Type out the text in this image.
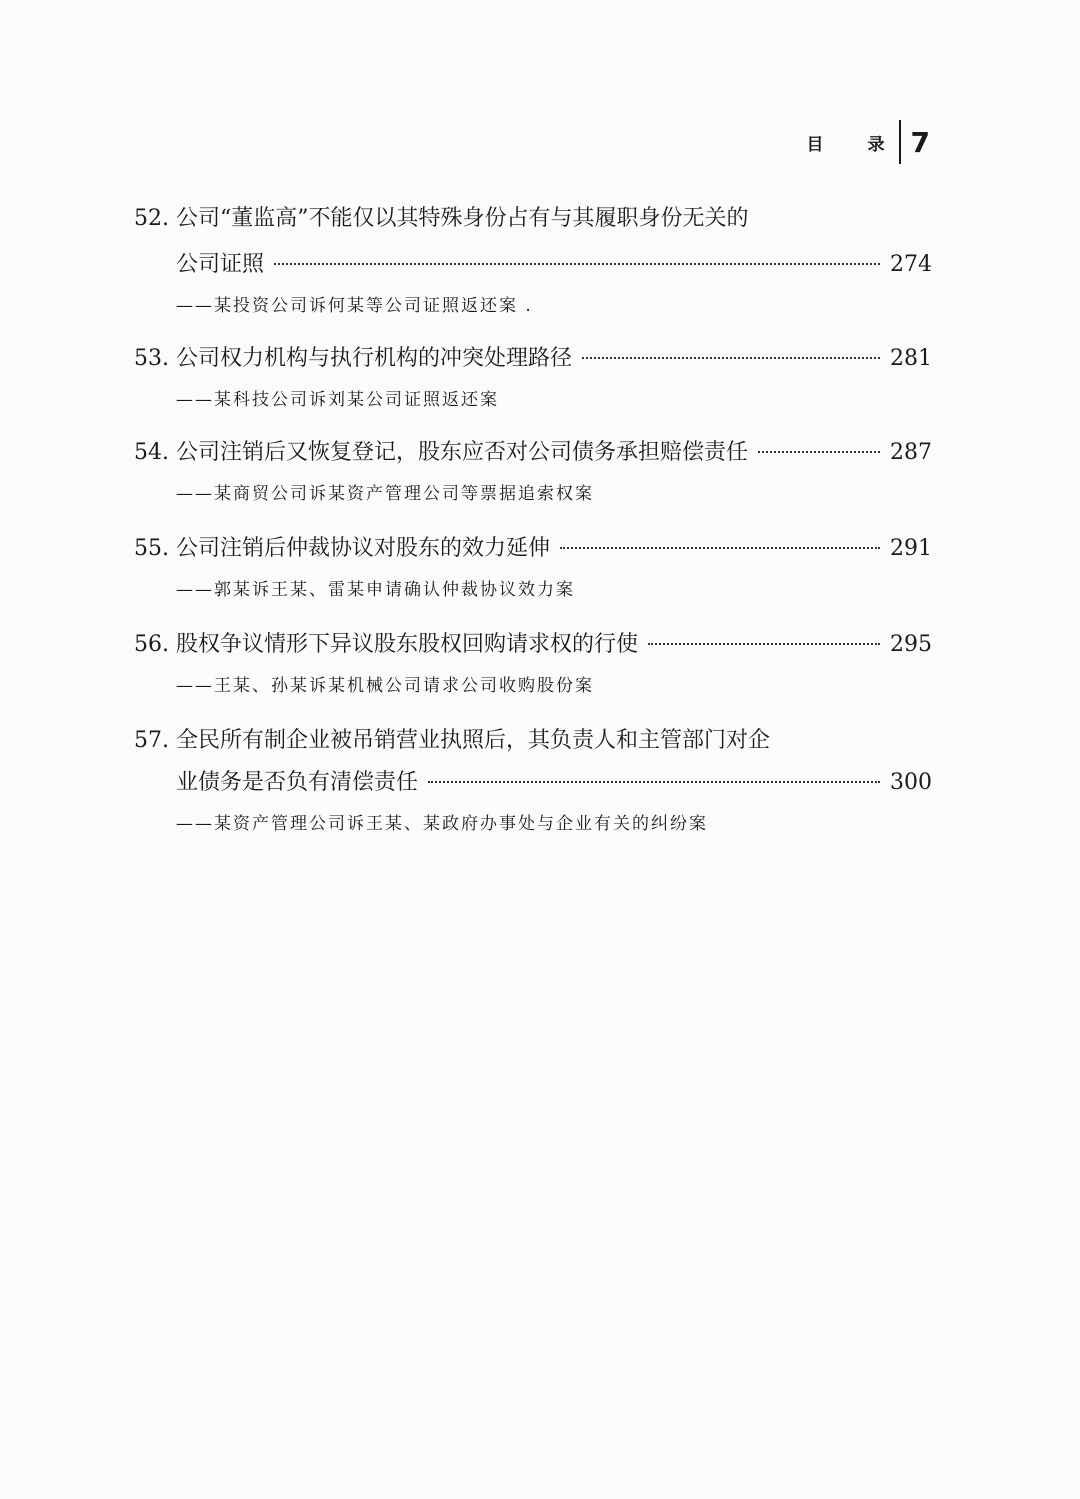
目	录 7
52. 公司“董监高”不能仅以其特殊身份占有与其履职身份无关的
公司证照	274
——某投资公司诉何某等公司证照返还案 .
53. 公司权力机构与执行机构的冲突处理路径	281
——某科技公司诉刘某公司证照返还案
54. 公司注销后又恢复登记，股东应否对公司债务承担赔偿责任	287
——某商贸公司诉某资产管理公司等票据追索权案
55. 公司注销后仲裁协议对股东的效力延伸	291
——郭某诉王某、雷某申请确认仲裁协议效力案
56. 股权争议情形下异议股东股权回购请求权的行使	295
——王某、孙某诉某机械公司请求公司收购股份案
57. 全民所有制企业被吊销营业执照后，其负责人和主管部门对企
业债务是否负有清偿责任	300
——某资产管理公司诉王某、某政府办事处与企业有关的纠纷案
